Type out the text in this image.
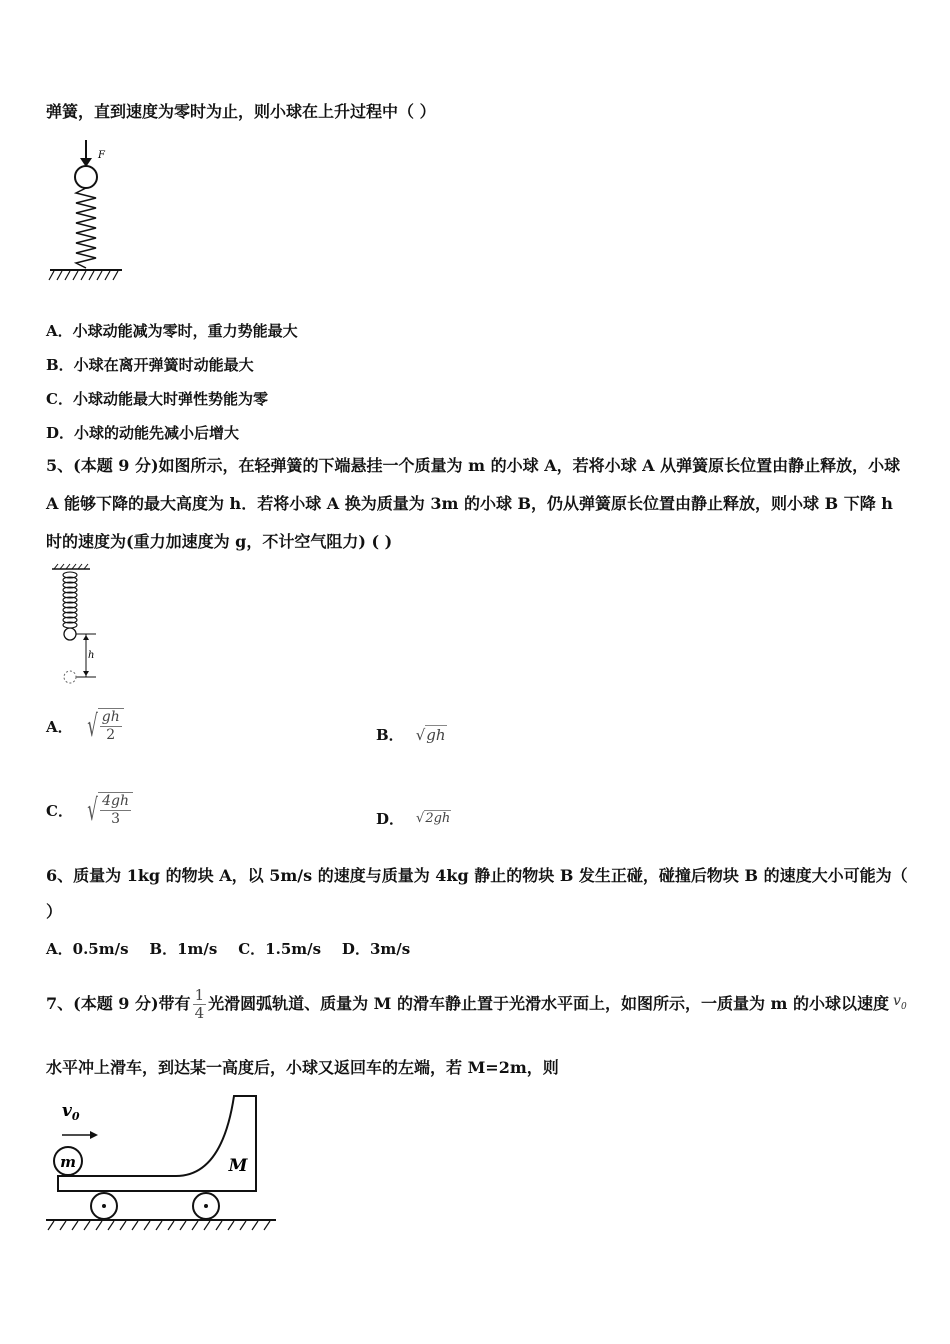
弹簧，直到速度为零时为止，则小球在上升过程中（ ）
F
A．小球动能减为零时，重力势能最大
B．小球在离开弹簧时动能最大
C．小球动能最大时弹性势能为零
D．小球的动能先减小后增大
5、(本题 9 分)如图所示，在轻弹簧的下端悬挂一个质量为 m 的小球 A，若将小球 A 从弹簧原长位置由静止释放，小球
A 能够下降的最大高度为 h．若将小球 A 换为质量为 3m 的小球 B，仍从弹簧原长位置由静止释放，则小球 B 下降 h
时的速度为(重力加速度为 g，不计空气阻力) ( )
h
A． √ $\frac{gh}{2}$	B． √gh
C． √ $\frac{4gh}{3}$	D． √2gh
6、质量为 1kg 的物块 A，以 5m/s 的速度与质量为 4kg 静止的物块 B 发生正碰，碰撞后物块 B 的速度大小可能为（
）
A．0.5m/s    B．1m/s    C．1.5m/s    D．3m/s
7、(本题 9 分)带有 $\frac{1}{4}$ 光滑圆弧轨道、质量为 M 的滑车静止置于光滑水平面上，如图所示，一质量为 m 的小球以速度 $v_0$
水平冲上滑车，到达某一高度后，小球又返回车的左端，若 M=2m，则
$v_0$
m	M
